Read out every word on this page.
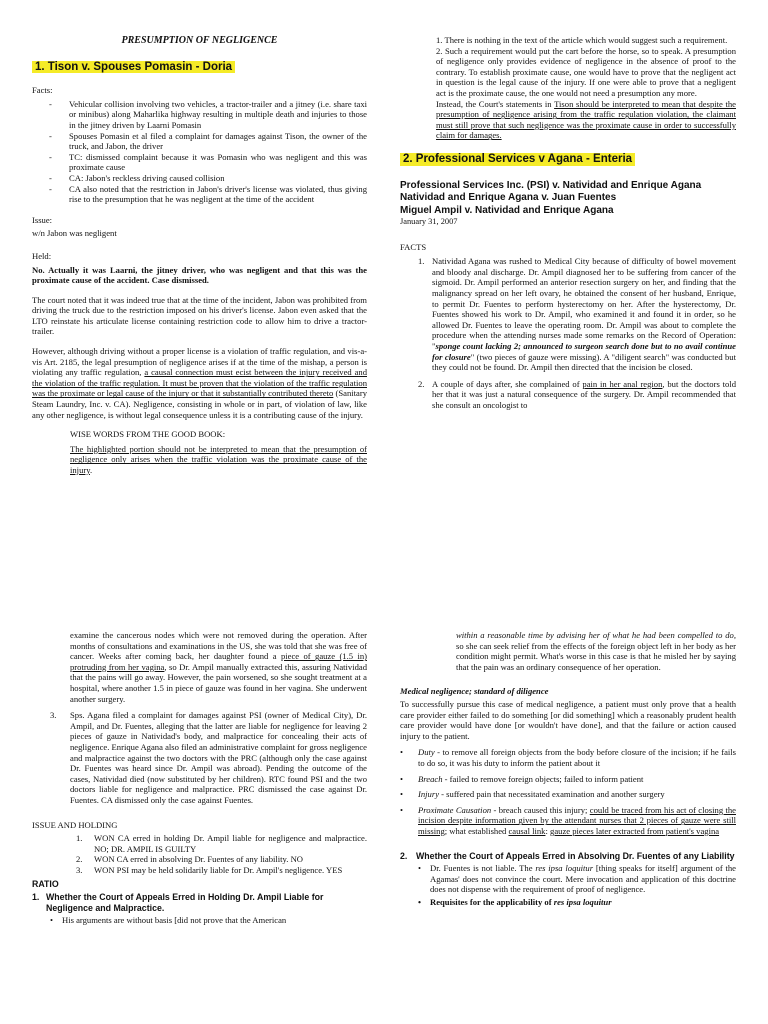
PRESUMPTION OF NEGLIGENCE
1. Tison v. Spouses Pomasin - Doria
Facts:
- Vehicular collision involving two vehicles, a tractor-trailer and a jitney (i.e. share taxi or minibus) along Maharlika highway resulting in multiple death and injuries to those in the jitney driven by Laarni Pomasin
- Spouses Pomasin et al filed a complaint for damages against Tison, the owner of the truck, and Jabon, the driver
- TC: dismissed complaint because it was Pomasin who was negligent and this was proximate cause
- CA: Jabon's reckless driving caused collision
- CA also noted that the restriction in Jabon's driver's license was violated, thus giving rise to the presumption that he was negligent at the time of the accident
Issue:

w/n Jabon was negligent

Held:

No. Actually it was Laarni, the jitney driver, who was negligent and that this was the proximate cause of the accident. Case dismissed.

The court noted that it was indeed true that at the time of the incident, Jabon was prohibited from driving the truck due to the restriction imposed on his driver's license. Jabon even asked that the LTO reinstate his articulate license containing restriction code to allow him to drive a tractor- trailer.

However, although driving without a proper license is a violation of traffic regulation, and vis-a-vis Art. 2185, the legal presumption of negligence arises if at the time of the mishap, a person is violating any traffic regulation, a causal connection must ecist between the injury received and the violation of the traffic regulation. It must be proven that the violation of the traffic regulation was the proximate or legal cause of the injury or that it substantially contributed thereto (Sanitary Steam Laundry, Inc. v. CA). Negligence, consisting in whole or in part, of violation of law, like any other negligence, is without legal consequence unless it is a contributing cause of the injury.

WISE WORDS FROM THE GOOD BOOK:
The highlighted portion should not be interpreted to mean that the presumption of negligence only arises when the traffic violation was the proximate cause of the injury.

1. There is nothing in the text of the article which would suggest such a requirement.

2. Such a requirement would put the cart before the horse, so to speak. A presumption of negligence only provides evidence of negligence in the absence of proof to the contrary. To establish proximate cause, one would have to prove that the negligent act in question is the legal cause of the injury. If one were able to prove that a negligent act is the proximate cause, the one would not need a presumption any more.

Instead, the Court's statements in Tison should be interpreted to mean that despite the presumption of negligence arising from the traffic regulation violation, the claimant must still prove that such negligence was the proximate cause in order to successfully claim for damages.

2. Professional Services v Agana - Enteria
Professional Services Inc. (PSI) v. Natividad and Enrique Agana
Natividad and Enrique Agana v. Juan Fuentes
Miguel Ampil v. Natividad and Enrique Agana
January 31, 2007
FACTS
1. Natividad Agana was rushed to Medical City because of difficulty of bowel movement and bloody anal discharge. Dr. Ampil diagnosed her to be suffering from cancer of the sigmoid. Dr. Ampil performed an anterior resection surgery on her, and finding that the malignancy spread on her left ovary, he obtained the consent of her husband, Enrique, to permit Dr. Fuentes to perform hysterectomy on her. After the hysterectomy, Dr. Fuentes showed his work to Dr. Ampil, who examined it and found it in order, so he allowed Dr. Fuentes to leave the operating room. Dr. Ampil was about to complete the procedure when the attending nurses made some remarks on the Record of Operation: "sponge count lacking 2; announced to surgeon search done but to no avail continue for closure" (two pieces of gauze were missing). A "diligent search" was conducted but they could not be found. Dr. Ampil then directed that the incision be closed.
2. A couple of days after, she complained of pain in her anal region, but the doctors told her that it was just a natural consequence of the surgery. Dr. Ampil recommended that she consult an oncologist to

examine the cancerous nodes which were not removed during the operation. After months of consultations and examinations in the US, she was told that she was free of cancer. Weeks after coming back, her daughter found a piece of gauze (1.5 in) protruding from her vagina, so Dr. Ampil manually extracted this, assuring Natividad that the pains will go away. However, the pain worsened, so she sought treatment at a hospital, where another 1.5 in piece of gauze was found in her vagina. She underwent another surgery.

3. Sps. Agana filed a complaint for damages against PSI (owner of Medical City), Dr. Ampil, and Dr. Fuentes, alleging that the latter are liable for negligence for leaving 2 pieces of gauze in Natividad's body, and malpractice for concealing their acts of negligence. Enrique Agana also filed an administrative complaint for gross negligence and malpractice against the two doctors with the PRC (although only the case against Dr. Fuentes was heard since Dr. Ampil was abroad). Pending the outcome of the cases, Natividad died (now substituted by her children). RTC found PSI and the two doctors liable for negligence and malpractice. PRC dismissed the case against Dr. Fuentes. CA dismissed only the case against Fuentes.
ISSUE AND HOLDING
1. WON CA erred in holding Dr. Ampil liable for negligence and malpractice. NO; DR. AMPIL IS GUILTY
2. WON CA erred in absolving Dr. Fuentes of any liability. NO
3. WON PSI may be held solidarily liable for Dr. Ampil's negligence. YES
RATIO
1. Whether the Court of Appeals Erred in Holding Dr. Ampil Liable for Negligence and Malpractice.
• His arguments are without basis [did not prove that the American

within a reasonable time by advising her of what he had been compelled to do, so she can seek relief from the effects of the foreign object left in her body as her condition might permit. What's worse in this case is that he misled her by saying that the pain was an ordinary consequence of her operation.

Medical negligence; standard of diligence

To successfully pursue this case of medical negligence, a patient must only prove that a health care provider either failed to do something [or did something] which a reasonably prudent health care provider would have done [or wouldn't have done], and that the failure or action caused injury to the patient.

• Duty - to remove all foreign objects from the body before closure of the incision; if he fails to do so, it was his duty to inform the patient about it
• Breach - failed to remove foreign objects; failed to inform patient
• Injury - suffered pain that necessitated examination and another surgery
• Proximate Causation - breach caused this injury; could be traced from his act of closing the incision despite information given by the attendant nurses that 2 pieces of gauze were still missing; what established causal link: gauze pieces later extracted from patient's vagina
2. Whether the Court of Appeals Erred in Absolving Dr. Fuentes of any Liability
• Dr. Fuentes is not liable. The res ipsa loquitur [thing speaks for itself] argument of the Agamas' does not convince the court. Mere invocation and application of this doctrine does not dispense with the requirement of proof of negligence.
• Requisites for the applicability of res ipsa loquitur
